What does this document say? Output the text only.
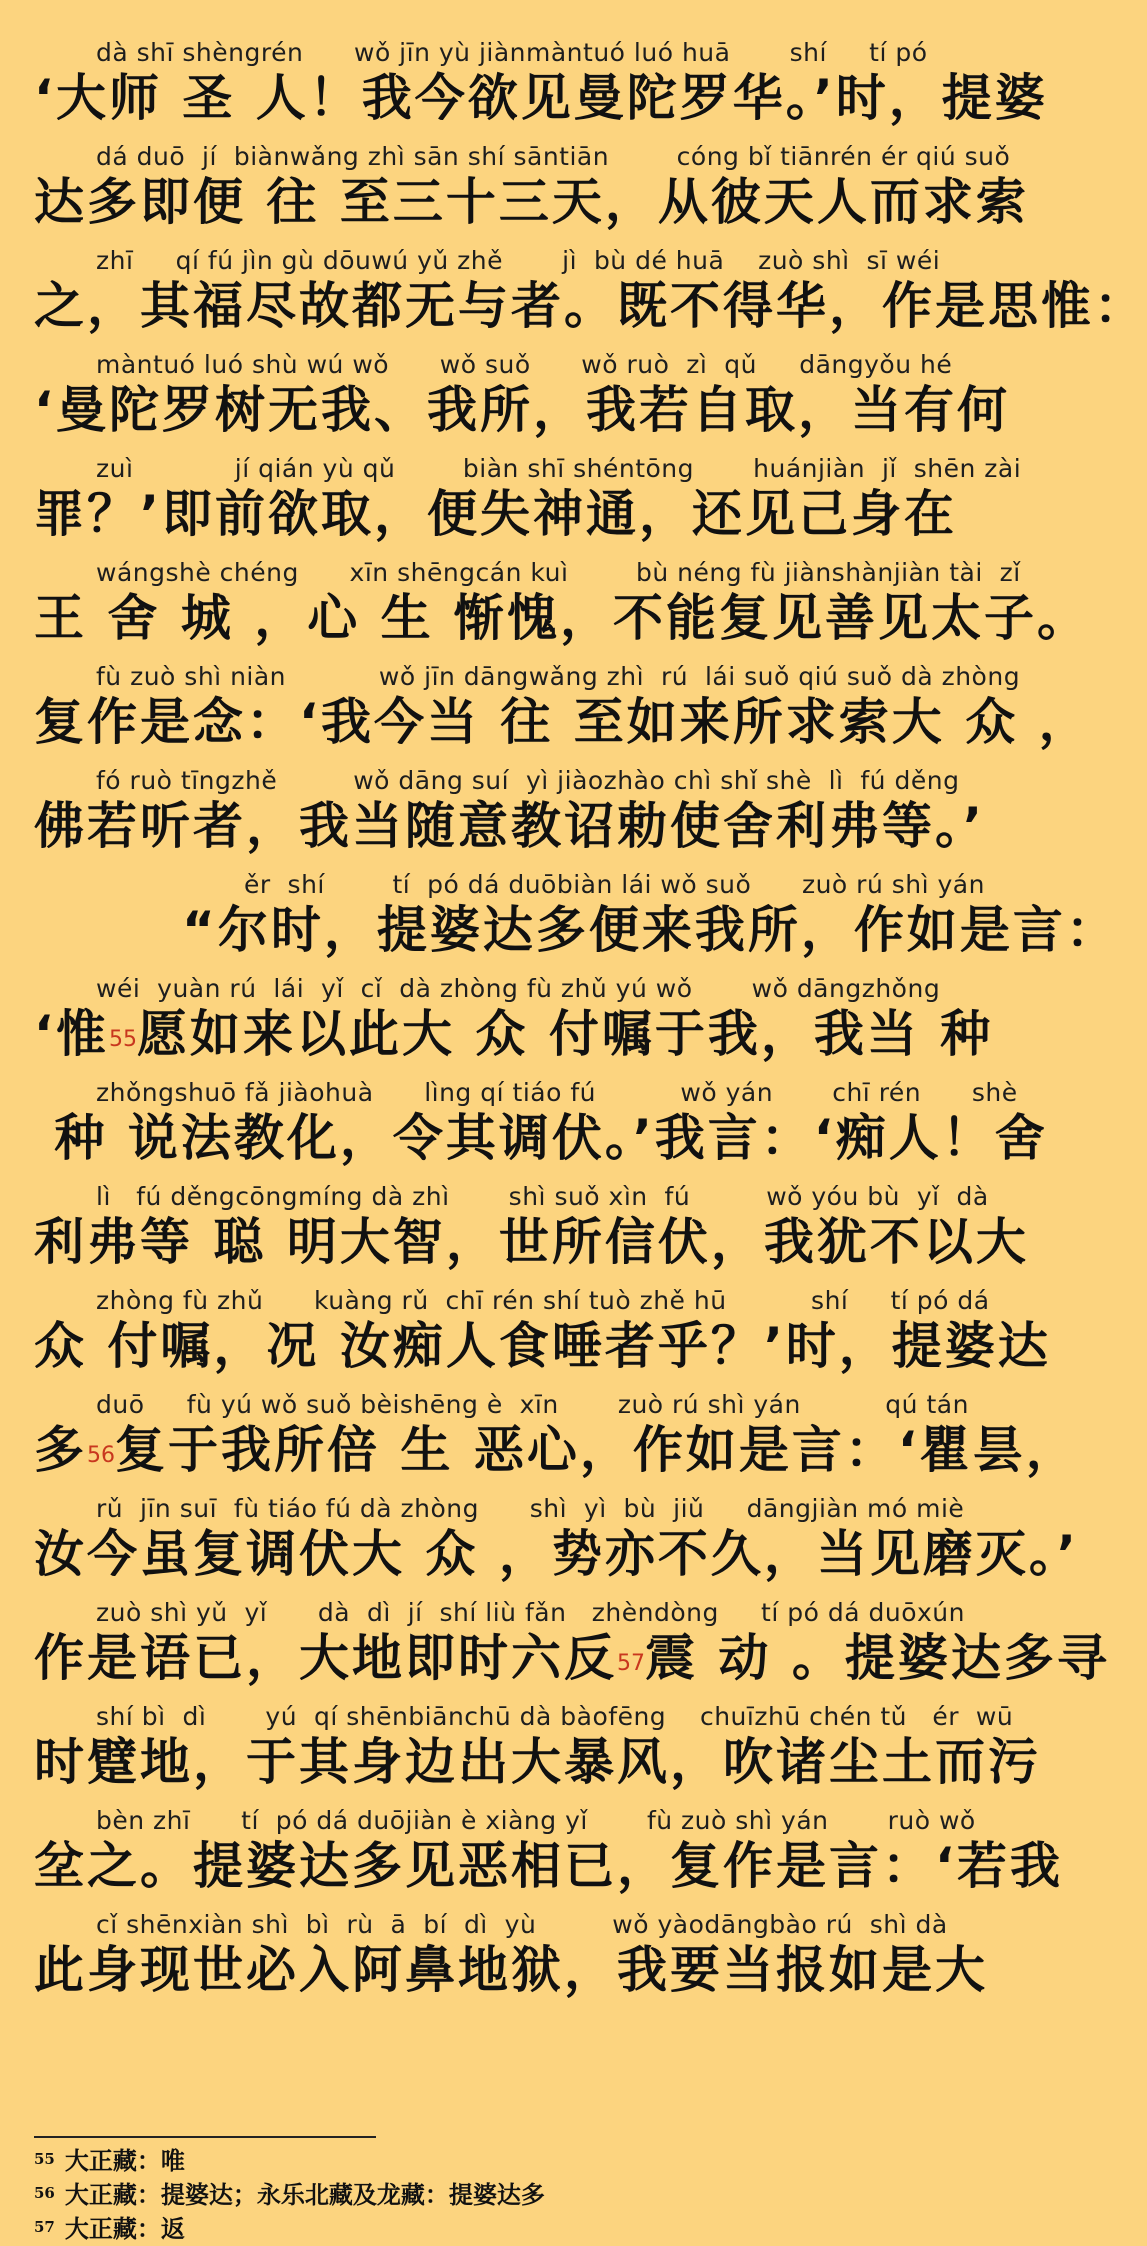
dà shī shèngrén      wǒ jīn yù jiànmàntuó luó huā       shí     tí pó
‘大师 圣 人！我今欲见曼陀罗华。’时，提婆
dá duō  jí  biànwǎng zhì sān shí sāntiān        cóng bǐ tiānrén ér qiú suǒ
达多即便 往 至三十三天，从彼天人而求索
zhī     qí fú jìn gù dōuwú yǔ zhě       jì  bù dé huā    zuò shì  sī wéi
之，其福尽故都无与者。既不得华，作是思惟：
màntuó luó shù wú wǒ      wǒ suǒ      wǒ ruò  zì  qǔ     dāngyǒu hé
‘曼陀罗树无我、我所，我若自取，当有何
zuì            jí qián yù qǔ        biàn shī shéntōng       huánjiàn  jǐ  shēn zài
罪？’即前欲取，便失神通，还见己身在
wángshè chéng      xīn shēngcán kuì        bù néng fù jiànshànjiàn tài  zǐ
王 舍 城 ，心 生 惭愧，不能复见善见太子。
fù zuò shì niàn           wǒ jīn dāngwǎng zhì  rú  lái suǒ qiú suǒ dà zhòng
复作是念：‘我今当 往 至如来所求索大 众 ，
fó ruò tīngzhě         wǒ dāng suí  yì jiàozhào chì shǐ shè  lì  fú děng
佛若听者，我当随意教诏勅使舍利弗等。’
ěr  shí        tí  pó dá duōbiàn lái wǒ suǒ      zuò rú shì yán
“尔时，提婆达多便来我所，作如是言：
wéi  yuàn rú  lái  yǐ  cǐ  dà zhòng fù zhǔ yú wǒ       wǒ dāngzhǒng
‘惟$^{55}$愿如来以此大 众 付嘱于我，我当 种
zhǒngshuō fǎ jiàohuà      lìng qí tiáo fú          wǒ yán       chī rén      shè
种 说法教化，令其调伏。’我言：‘痴人！舍
lì   fú děngcōngmíng dà zhì       shì suǒ xìn  fú         wǒ yóu bù  yǐ  dà
利弗等 聪 明大智，世所信伏，我犹不以大
zhòng fù zhǔ      kuàng rǔ  chī rén shí tuò zhě hū          shí     tí pó dá
众 付嘱，况 汝痴人食唾者乎？’时，提婆达
duō     fù yú wǒ suǒ bèishēng è  xīn       zuò rú shì yán          qú tán
多$^{56}$复于我所倍 生 恶心，作如是言：‘瞿昙，
rǔ  jīn suī  fù tiáo fú dà zhòng      shì  yì  bù  jiǔ     dāngjiàn mó miè
汝今虽复调伏大 众 ，势亦不久，当见磨灭。’
zuò shì yǔ  yǐ      dà  dì  jí  shí liù fǎn   zhèndòng     tí pó dá duōxún
作是语已，大地即时六反$^{57}$震 动 。提婆达多寻
shí bì  dì       yú  qí shēnbiānchū dà bàofēng    chuīzhū chén tǔ   ér  wū
时躄地，于其身边出大暴风，吹诸尘土而污
bèn zhī      tí  pó dá duōjiàn è xiàng yǐ       fù zuò shì yán       ruò wǒ
坌之。提婆达多见恶相已，复作是言：‘若我
cǐ shēnxiàn shì  bì  rù  ā  bí  dì  yù         wǒ yàodāngbào rú  shì dà
此身现世必入阿鼻地狱，我要当报如是大
$^{55}$ 大正藏：唯
$^{56}$ 大正藏：提婆达；永乐北藏及龙藏：提婆达多
$^{57}$ 大正藏：返
